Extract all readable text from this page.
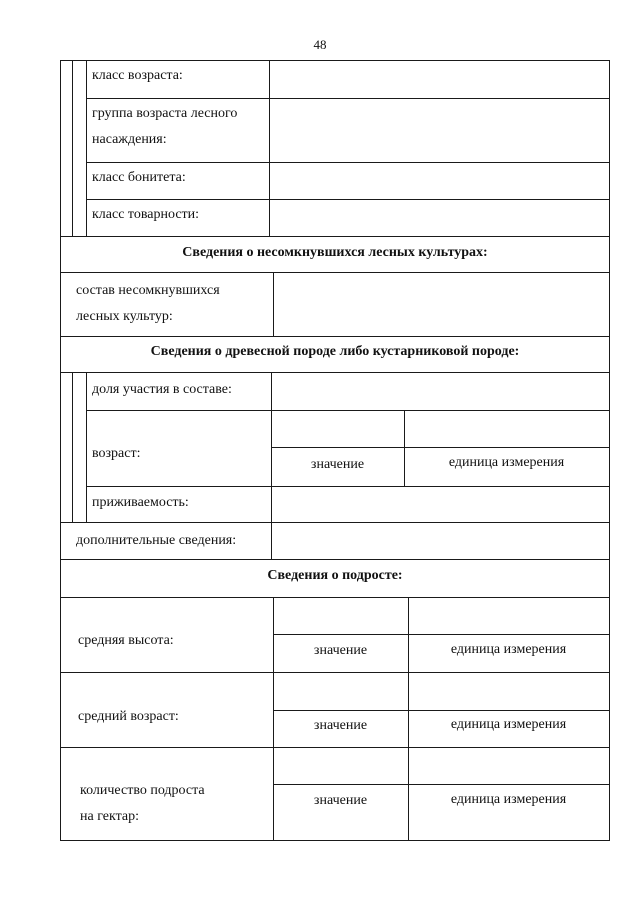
48
класс возраста:
группа возраста лесного
насаждения:
класс бонитета:
класс товарности:
Сведения о несомкнувшихся лесных культурах:
состав несомкнувшихся
лесных культур:
Сведения о древесной породе либо кустарниковой породе:
доля участия в составе:
возраст:
значение	единица измерения
приживаемость:
дополнительные сведения:
Сведения о подросте:
средняя высота:
значение	единица измерения
средний возраст:
значение	единица измерения
количество подроста
на гектар:
значение	единица измерения
